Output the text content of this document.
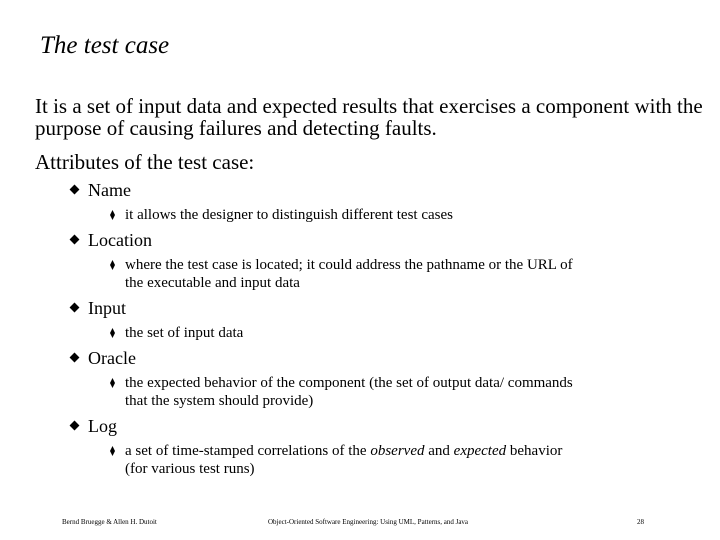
The test case
It is a set of input data and expected results that exercises a component with the purpose of causing failures and detecting faults.
Attributes of the test case:
Name
it allows the designer to distinguish different test cases
Location
where the test case is located; it could address the pathname or the URL of
the executable and input data
Input
the set of input data
Oracle
the expected behavior of the component (the set of output data/ commands
that the system should provide)
Log
a set of time-stamped correlations of the observed and expected behavior
(for various test runs)
Bernd Bruegge & Allen H. Dutoit	Object-Oriented Software Engineering: Using UML, Patterns, and Java	28
